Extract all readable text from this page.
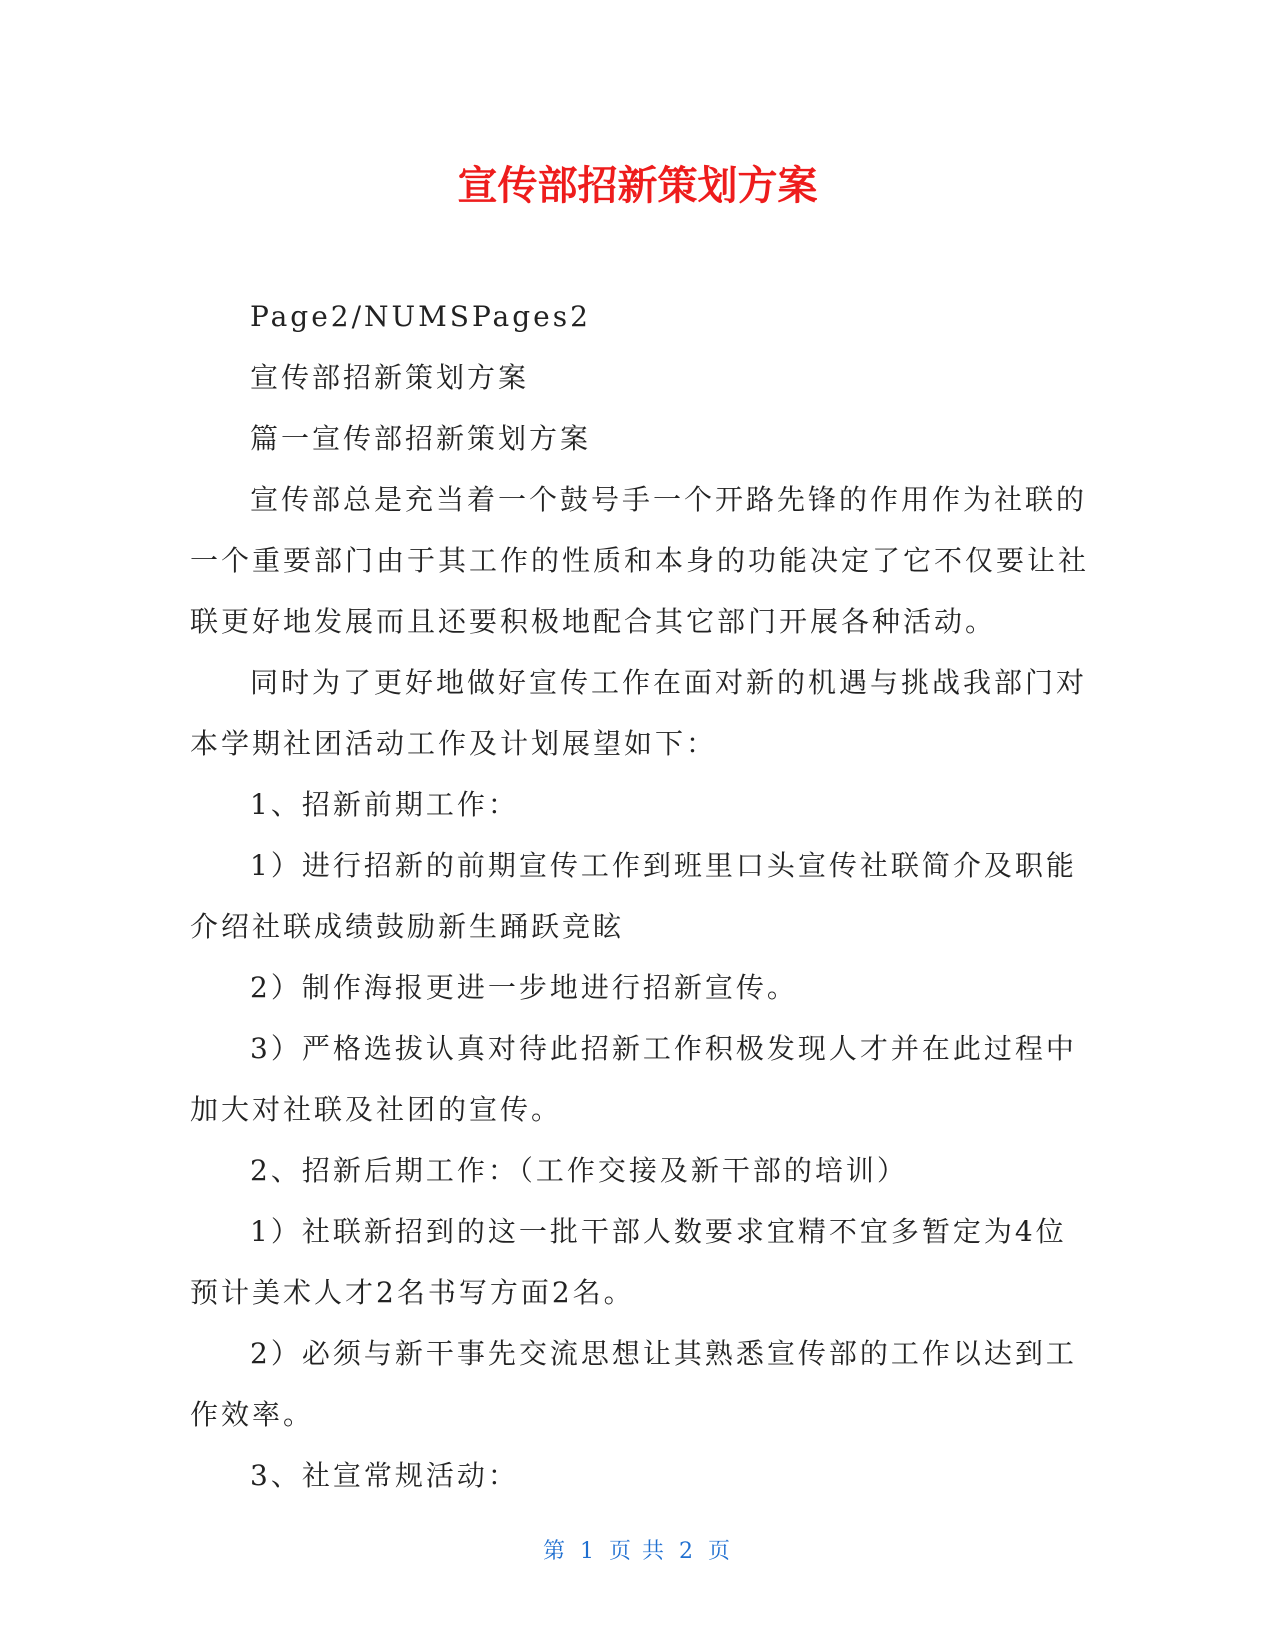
宣传部招新策划方案

Page2/NUMSPages2

宣传部招新策划方案

篇一宣传部招新策划方案

宣传部总是充当着一个鼓号手一个开路先锋的作用作为社联的一个重要部门由于其工作的性质和本身的功能决定了它不仅要让社联更好地发展而且还要积极地配合其它部门开展各种活动。

同时为了更好地做好宣传工作在面对新的机遇与挑战我部门对本学期社团活动工作及计划展望如下：

1、招新前期工作：

1）进行招新的前期宣传工作到班里口头宣传社联简介及职能介绍社联成绩鼓励新生踊跃竞眩

2）制作海报更进一步地进行招新宣传。

3）严格选拔认真对待此招新工作积极发现人才并在此过程中加大对社联及社团的宣传。

2、招新后期工作：（工作交接及新干部的培训）

1）社联新招到的这一批干部人数要求宜精不宜多暂定为4位预计美术人才2名书写方面2名。

2）必须与新干事先交流思想让其熟悉宣传部的工作以达到工作效率。

3、社宣常规活动：

第 1 页 共 2 页
